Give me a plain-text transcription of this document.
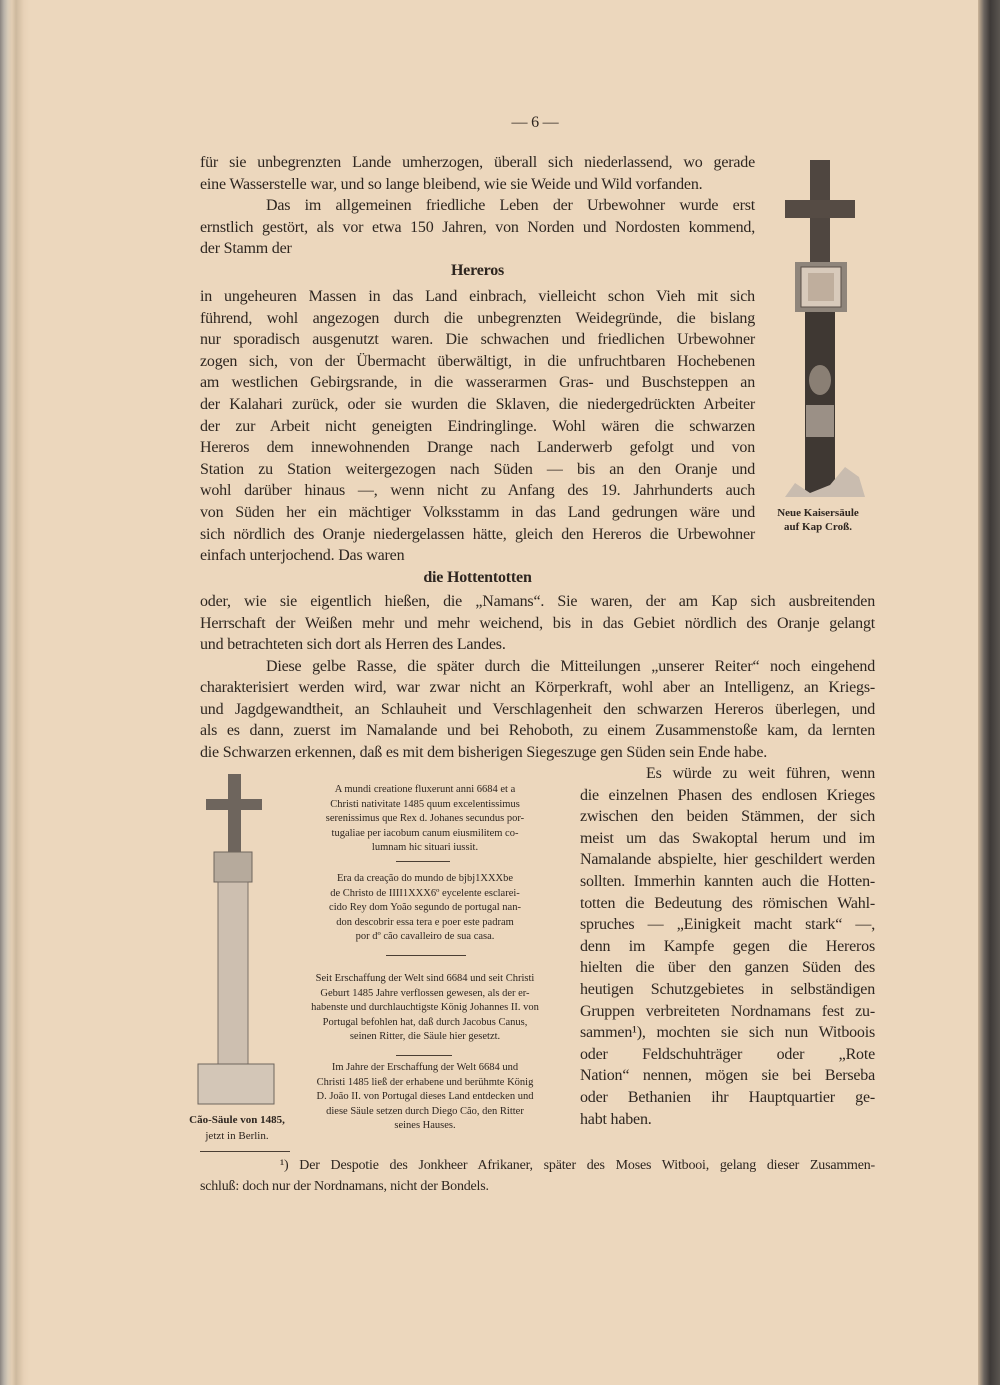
— 6 —
für sie unbegrenzten Lande umherzogen, überall sich niederlassend, wo gerade
eine Wasserstelle war, und so lange bleibend, wie sie Weide und Wild vorfanden.
Das im allgemeinen friedliche Leben der Urbewohner wurde erst
ernstlich gestört, als vor etwa 150 Jahren, von Norden und Nordosten kommend,
der Stamm der
Hereros
in ungeheuren Massen in das Land einbrach, vielleicht schon Vieh mit sich
führend, wohl angezogen durch die unbegrenzten Weidegründe, die bislang
nur sporadisch ausgenutzt waren. Die schwachen und friedlichen Urbewohner
zogen sich, von der Übermacht überwältigt, in die unfruchtbaren Hochebenen
am westlichen Gebirgsrande, in die wasserarmen Gras- und Buschsteppen an
der Kalahari zurück, oder sie wurden die Sklaven, die niedergedrückten Arbeiter
der zur Arbeit nicht geneigten Eindringlinge. Wohl wären die schwarzen
Hereros dem innewohnenden Drange nach Landerwerb gefolgt und von
Station zu Station weitergezogen nach Süden — bis an den Oranje und
wohl darüber hinaus —, wenn nicht zu Anfang des 19. Jahrhunderts auch
von Süden her ein mächtiger Volksstamm in das Land gedrungen wäre und
sich nördlich des Oranje niedergelassen hätte, gleich den Hereros die Urbewohner
einfach unterjochend. Das waren
die Hottentotten
oder, wie sie eigentlich hießen, die „Namans“. Sie waren, der am Kap sich ausbreitenden
Herrschaft der Weißen mehr und mehr weichend, bis in das Gebiet nördlich des Oranje gelangt
und betrachteten sich dort als Herren des Landes.
Diese gelbe Rasse, die später durch die Mitteilungen „unserer Reiter“ noch eingehend
charakterisiert werden wird, war zwar nicht an Körperkraft, wohl aber an Intelligenz, an Kriegs-
und Jagdgewandtheit, an Schlauheit und Verschlagenheit den schwarzen Hereros überlegen, und
als es dann, zuerst im Namalande und bei Rehoboth, zu einem Zusammenstoße kam, da lernten
die Schwarzen erkennen, daß es mit dem bisherigen Siegeszuge gen Süden sein Ende habe.
Es würde zu weit führen, wenn
die einzelnen Phasen des endlosen Krieges
zwischen den beiden Stämmen, der sich
meist um das Swakoptal herum und im
Namalande abspielte, hier geschildert werden
sollten. Immerhin kannten auch die Hotten-
totten die Bedeutung des römischen Wahl-
spruches — „Einigkeit macht stark“ —,
denn im Kampfe gegen die Hereros
hielten die über den ganzen Süden des
heutigen Schutzgebietes in selbständigen
Gruppen verbreiteten Nordnamans fest zu-
sammen¹), mochten sie sich nun Witboois
oder Feldschuhträger oder „Rote
Nation“ nennen, mögen sie bei Berseba
oder Bethanien ihr Hauptquartier ge-
habt haben.
Neue Kaisersäule
auf Kap Croß.
Cão-Säule von 1485,
jetzt in Berlin.
A mundi creatione fluxerunt anni 6684 et a
Christi nativitate 1485 quum excelentissimus
serenissimus que Rex d. Johanes secundus por-
tugaliae per iacobum canum eiusmilitem co-
lumnam hic situari iussit.
Era da creação do mundo de bjbj1XXXbe
de Christo de IIII1XXX6º eycelente esclarei-
cido Rey dom Yoão segundo de portugal nan-
don descobrir essa tera e poer este padram
por dº cão cavalleiro de sua casa.
Seit Erschaffung der Welt sind 6684 und seit Christi
Geburt 1485 Jahre verflossen gewesen, als der er-
habenste und durchlauchtigste König Johannes II. von
Portugal befohlen hat, daß durch Jacobus Canus,
seinen Ritter, die Säule hier gesetzt.
Im Jahre der Erschaffung der Welt 6684 und
Christi 1485 ließ der erhabene und berühmte König
D. João II. von Portugal dieses Land entdecken und
diese Säule setzen durch Diego Cão, den Ritter
seines Hauses.
¹) Der Despotie des Jonkheer Afrikaner, später des Moses Witbooi, gelang dieser Zusammen-
schluß: doch nur der Nordnamans, nicht der Bondels.
